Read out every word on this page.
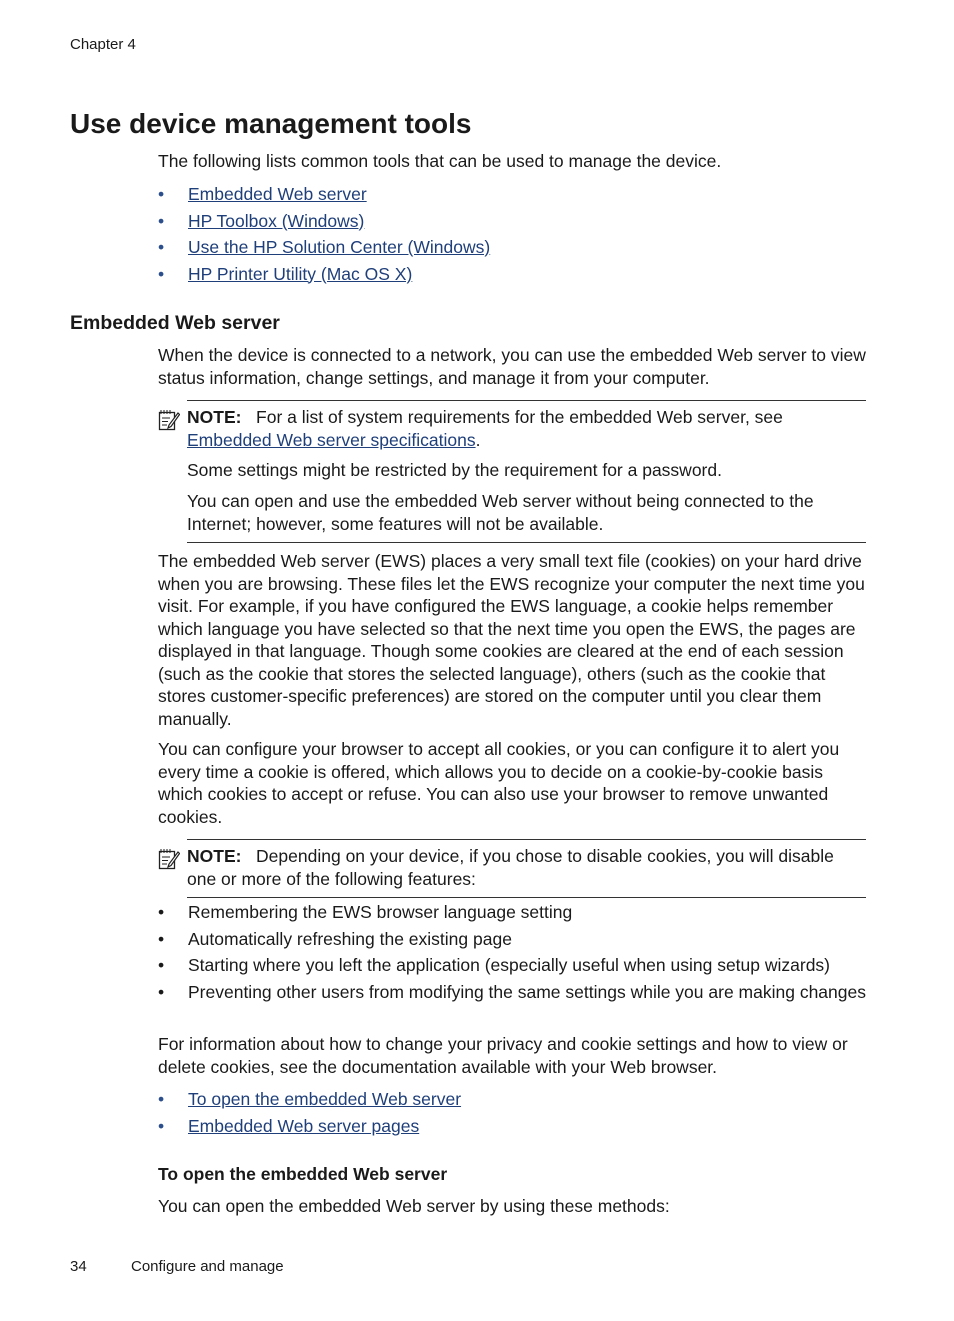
Chapter 4
Use device management tools
The following lists common tools that can be used to manage the device.
• Embedded Web server
• HP Toolbox (Windows)
• Use the HP Solution Center (Windows)
• HP Printer Utility (Mac OS X)
Embedded Web server
When the device is connected to a network, you can use the embedded Web server to view status information, change settings, and manage it from your computer.
NOTE: For a list of system requirements for the embedded Web server, see Embedded Web server specifications.
Some settings might be restricted by the requirement for a password.
You can open and use the embedded Web server without being connected to the Internet; however, some features will not be available.
The embedded Web server (EWS) places a very small text file (cookies) on your hard drive when you are browsing. These files let the EWS recognize your computer the next time you visit. For example, if you have configured the EWS language, a cookie helps remember which language you have selected so that the next time you open the EWS, the pages are displayed in that language. Though some cookies are cleared at the end of each session (such as the cookie that stores the selected language), others (such as the cookie that stores customer-specific preferences) are stored on the computer until you clear them manually.
You can configure your browser to accept all cookies, or you can configure it to alert you every time a cookie is offered, which allows you to decide on a cookie-by-cookie basis which cookies to accept or refuse. You can also use your browser to remove unwanted cookies.
NOTE: Depending on your device, if you chose to disable cookies, you will disable one or more of the following features:
• Remembering the EWS browser language setting
• Automatically refreshing the existing page
• Starting where you left the application (especially useful when using setup wizards)
• Preventing other users from modifying the same settings while you are making changes
For information about how to change your privacy and cookie settings and how to view or delete cookies, see the documentation available with your Web browser.
• To open the embedded Web server
• Embedded Web server pages
To open the embedded Web server
You can open the embedded Web server by using these methods:
34	Configure and manage
